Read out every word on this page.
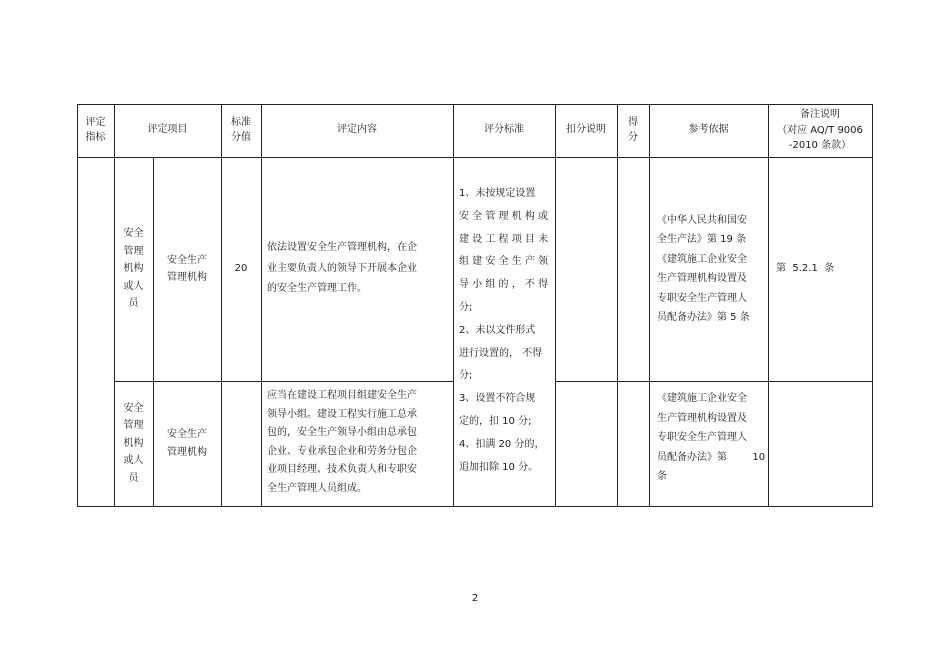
评定
指标
评定项目
标准
分值
评定内容	评分标准	扣分说明
得
分
参考依据
备注说明
（对应 AQ/T 9006
-2010 条款）
安全
管理
机构
或人
员
安全生产
管理机构
20
依法设置安全生产管理机构，在企
业主要负责人的领导下开展本企业
的安全生产管理工作。
《中华人民共和国安
全生产法》第 19 条
《建筑施工企业安全
生产管理机构设置及
专职安全生产管理人
员配备办法》第 5 条
第  5.2.1  条
1、未按规定设置
安 全 管 理 机 构 或
建 设 工 程 项 目 未
组 建 安 全 生 产 领
导 小 组 的 ， 不 得
分;
2、未以文件形式
进行设置的， 不得
分;
3、设置不符合规
定的，扣 10 分;
4、扣满 20 分的，
追加扣除 10 分。
安全
管理
机构
或人
员
安全生产
管理机构
应当在建设工程项目组建安全生产
领导小组。建设工程实行施工总承
包的，安全生产领导小组由总承包
企业、专业承包企业和劳务分包企
业项目经理、技术负责人和专职安
全生产管理人员组成。
《建筑施工企业安全
生产管理机构设置及
专职安全生产管理人
员配备办法》第        10
条
2
